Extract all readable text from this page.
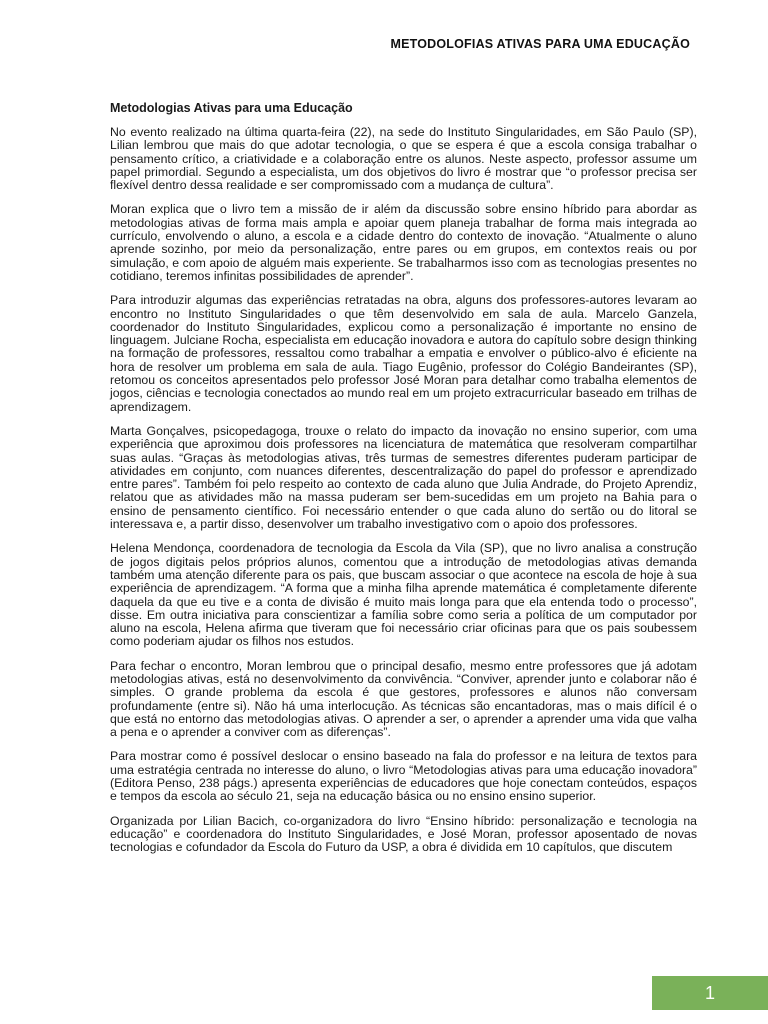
METODOLOFIAS ATIVAS PARA UMA EDUCAÇÃO
Metodologias Ativas para uma Educação

No evento realizado na última quarta-feira (22), na sede do Instituto Singularidades, em São Paulo (SP), Lilian lembrou que mais do que adotar tecnologia, o que se espera é que a escola consiga trabalhar o pensamento crítico, a criatividade e a colaboração entre os alunos. Neste aspecto, professor assume um papel primordial. Segundo a especialista, um dos objetivos do livro é mostrar que “o professor precisa ser flexível dentro dessa realidade e ser compromissado com a mudança de cultura”.

Moran explica que o livro tem a missão de ir além da discussão sobre ensino híbrido para abordar as metodologias ativas de forma mais ampla e apoiar quem planeja trabalhar de forma mais integrada ao currículo, envolvendo o aluno, a escola e a cidade dentro do contexto de inovação. “Atualmente o aluno aprende sozinho, por meio da personalização, entre pares ou em grupos, em contextos reais ou por simulação, e com apoio de alguém mais experiente. Se trabalharmos isso com as tecnologias presentes no cotidiano, teremos infinitas possibilidades de aprender”.

Para introduzir algumas das experiências retratadas na obra, alguns dos professores-autores levaram ao encontro no Instituto Singularidades o que têm desenvolvido em sala de aula. Marcelo Ganzela, coordenador do Instituto Singularidades, explicou como a personalização é importante no ensino de linguagem. Julciane Rocha, especialista em educação inovadora e autora do capítulo sobre design thinking na formação de professores, ressaltou como trabalhar a empatia e envolver o público-alvo é eficiente na hora de resolver um problema em sala de aula. Tiago Eugênio, professor do Colégio Bandeirantes (SP), retomou os conceitos apresentados pelo professor José Moran para detalhar como trabalha elementos de jogos, ciências e tecnologia conectados ao mundo real em um projeto extracurricular baseado em trilhas de aprendizagem.

Marta Gonçalves, psicopedagoga, trouxe o relato do impacto da inovação no ensino superior, com uma experiência que aproximou dois professores na licenciatura de matemática que resolveram compartilhar suas aulas. “Graças às metodologias ativas, três turmas de semestres diferentes puderam participar de atividades em conjunto, com nuances diferentes, descentralização do papel do professor e aprendizado entre pares”. Também foi pelo respeito ao contexto de cada aluno que Julia Andrade, do Projeto Aprendiz, relatou que as atividades mão na massa puderam ser bem-sucedidas em um projeto na Bahia para o ensino de pensamento científico. Foi necessário entender o que cada aluno do sertão ou do litoral se interessava e, a partir disso, desenvolver um trabalho investigativo com o apoio dos professores.

Helena Mendonça, coordenadora de tecnologia da Escola da Vila (SP), que no livro analisa a construção de jogos digitais pelos próprios alunos, comentou que a introdução de metodologias ativas demanda também uma atenção diferente para os pais, que buscam associar o que acontece na escola de hoje à sua experiência de aprendizagem. “A forma que a minha filha aprende matemática é completamente diferente daquela da que eu tive e a conta de divisão é muito mais longa para que ela entenda todo o processo”, disse. Em outra iniciativa para conscientizar a família sobre como seria a política de um computador por aluno na escola, Helena afirma que tiveram que foi necessário criar oficinas para que os pais soubessem como poderiam ajudar os filhos nos estudos.

Para fechar o encontro, Moran lembrou que o principal desafio, mesmo entre professores que já adotam metodologias ativas, está no desenvolvimento da convivência. “Conviver, aprender junto e colaborar não é simples. O grande problema da escola é que gestores, professores e alunos não conversam profundamente (entre si). Não há uma interlocução. As técnicas são encantadoras, mas o mais difícil é o que está no entorno das metodologias ativas. O aprender a ser, o aprender a aprender uma vida que valha a pena e o aprender a conviver com as diferenças”.

Para mostrar como é possível deslocar o ensino baseado na fala do professor e na leitura de textos para uma estratégia centrada no interesse do aluno, o livro “Metodologias ativas para uma educação inovadora” (Editora Penso, 238 págs.) apresenta experiências de educadores que hoje conectam conteúdos, espaços e tempos da escola ao século 21, seja na educação básica ou no ensino ensino superior.

Organizada por Lilian Bacich, co-organizadora do livro “Ensino híbrido: personalização e tecnologia na educação” e coordenadora do Instituto Singularidades, e José Moran, professor aposentado de novas tecnologias e cofundador da Escola do Futuro da USP, a obra é dividida em 10 capítulos, que discutem

1
